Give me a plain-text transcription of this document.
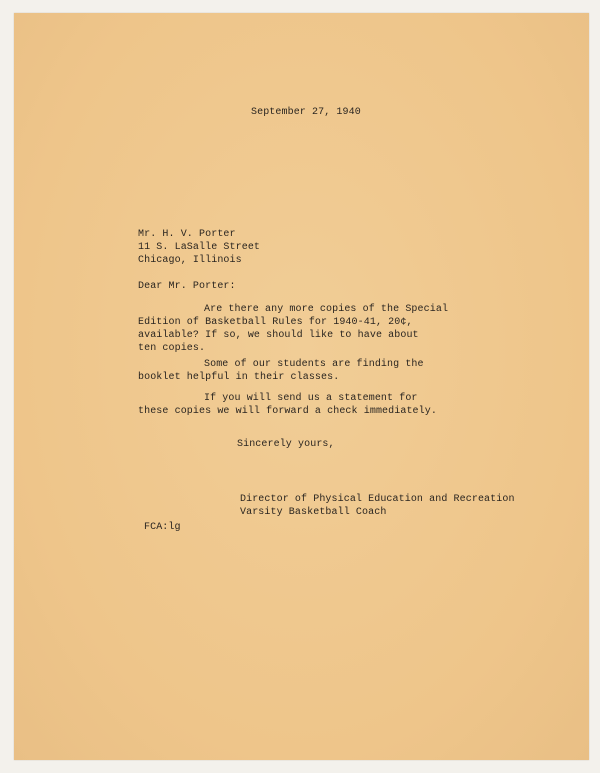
September 27, 1940
Mr. H. V. Porter
11 S. LaSalle Street
Chicago, Illinois
Dear Mr. Porter:
Are there any more copies of the Special
Edition of Basketball Rules for 1940-41, 20¢,
available? If so, we should like to have about
ten copies.
Some of our students are finding the
booklet helpful in their classes.
If you will send us a statement for
these copies we will forward a check immediately.
Sincerely yours,
Director of Physical Education and Recreation
Varsity Basketball Coach
FCA:lg
